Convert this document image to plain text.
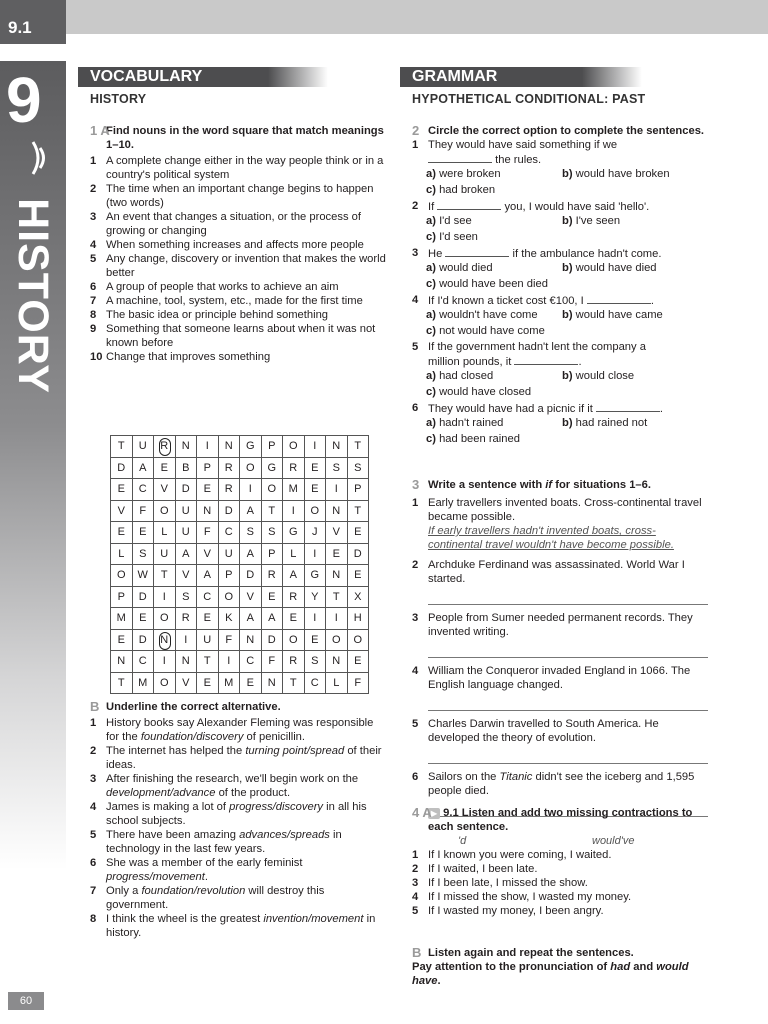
9.1
9
HISTORY
60
VOCABULARY
HISTORY
1 A
Find nouns in the word square that match meanings 1–10.
1 A complete change either in the way people think or in a country's political system
2 The time when an important change begins to happen (two words)
3 An event that changes a situation, or the process of growing or changing
4 When something increases and affects more people
5 Any change, discovery or invention that makes the world better
6 A group of people that works to achieve an aim
7 A machine, tool, system, etc., made for the first time
8 The basic idea or principle behind something
9 Something that someone learns about when it was not known before
10 Change that improves something
T	U	R	N	I	N	G	P	O	I	N	T
D	A	E	B	P	R	O	G	R	E	S	S
E	C	V	D	E	R	I	O	M	E	I	P
V	F	O	U	N	D	A	T	I	O	N	T
E	E	L	U	F	C	S	S	G	J	V	E
L	S	U	A	V	U	A	P	L	I	E	D
O	W	T	V	A	P	D	R	A	G	N	E
P	D	I	S	C	O	V	E	R	Y	T	X
M	E	O	R	E	K	A	A	E	I	I	H
E	D	N	I	U	F	N	D	O	E	O	O
N	C	I	N	T	I	C	F	R	S	N	E
T	M	O	V	E	M	E	N	T	C	L	F
B Underline the correct alternative.
1 History books say Alexander Fleming was responsible for the foundation/discovery of penicillin.
2 The internet has helped the turning point/spread of their ideas.
3 After finishing the research, we'll begin work on the development/advance of the product.
4 James is making a lot of progress/discovery in all his school subjects.
5 There have been amazing advances/spreads in technology in the last few years.
6 She was a member of the early feminist progress/movement.
7 Only a foundation/revolution will destroy this government.
8 I think the wheel is the greatest invention/movement in history.
GRAMMAR
HYPOTHETICAL CONDITIONAL: PAST
2 Circle the correct option to complete the sentences.
1 They would have said something if we
the rules.
a) were broken	b) would have broken
c) had broken
2 If	you, I would have said 'hello'.
a) I'd see	b) I've seen
c) I'd seen
3 He	if the ambulance hadn't come.
a) would died	b) would have died
c) would have been died
4 If I'd known a ticket cost €100, I	.
a) wouldn't have come b) would have came
c) not would have come
5 If the government hadn't lent the company a
million pounds, it	.
a) had closed	b) would close
c) would have closed
6 They would have had a picnic if it	.
a) hadn't rained	b) had rained not
c) had been rained
3 Write a sentence with if for situations 1–6.
1 Early travellers invented boats. Cross-continental travel became possible.
If early travellers hadn't invented boats, cross-continental travel wouldn't have become possible.
2 Archduke Ferdinand was assassinated. World War I started.
3 People from Sumer needed permanent records. They invented writing.
4 William the Conqueror invaded England in 1066. The English language changed.
5 Charles Darwin travelled to South America. He developed the theory of evolution.
6 Sailors on the Titanic didn't see the iceberg and 1,595 people died.
4 A ▶ 9.1 Listen and add two missing contractions to each sentence.
'd	would've
1 If I known you were coming, I waited.
2 If I waited, I been late.
3 If I been late, I missed the show.
4 If I missed the show, I wasted my money.
5 If I wasted my money, I been angry.
B Listen again and repeat the sentences.
Pay attention to the pronunciation of had and would have.
